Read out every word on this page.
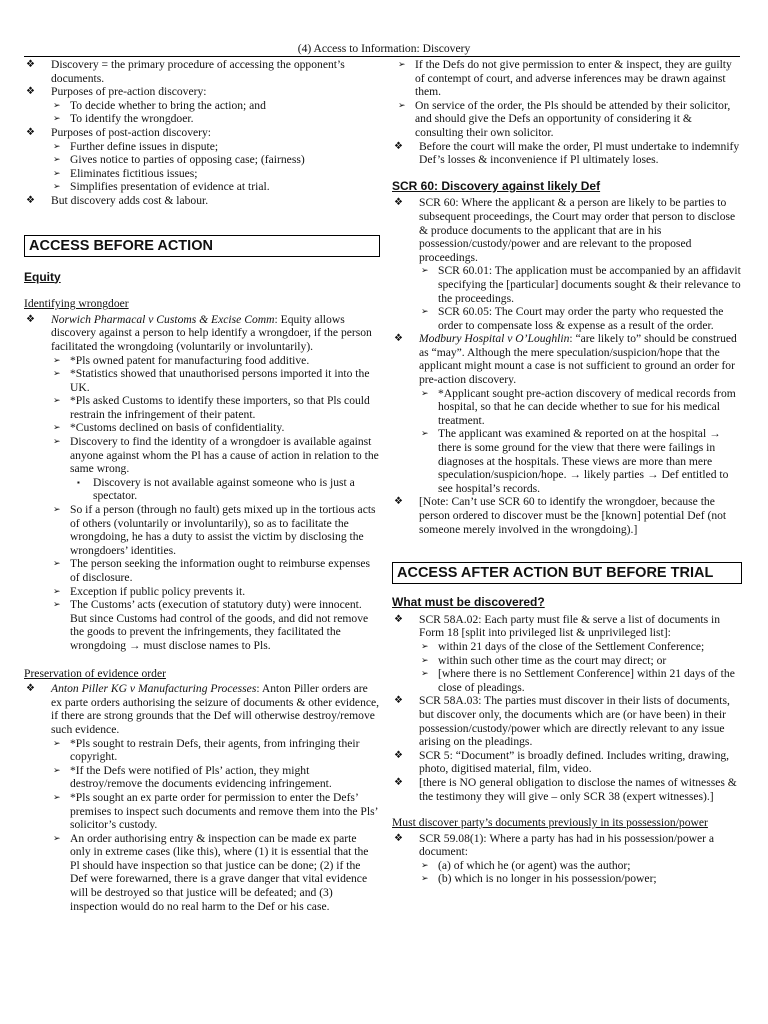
(4) Access to Information: Discovery
❖ Discovery = the primary procedure of accessing the opponent’s documents.
❖ Purposes of pre-action discovery:
➢ To decide whether to bring the action; and
➢ To identify the wrongdoer.
❖ Purposes of post-action discovery:
➢ Further define issues in dispute;
➢ Gives notice to parties of opposing case; (fairness)
➢ Eliminates fictitious issues;
➢ Simplifies presentation of evidence at trial.
❖ But discovery adds cost & labour.
ACCESS BEFORE ACTION
Equity
Identifying wrongdoer
❖ Norwich Pharmacal v Customs & Excise Comm: Equity allows discovery against a person to help identify a wrongdoer, if the person facilitated the wrongdoing (voluntarily or involuntarily).
➢ *Pls owned patent for manufacturing food additive.
➢ *Statistics showed that unauthorised persons imported it into the UK.
➢ *Pls asked Customs to identify these importers, so that Pls could restrain the infringement of their patent.
➢ *Customs declined on basis of confidentiality.
➢ Discovery to find the identity of a wrongdoer is available against anyone against whom the Pl has a cause of action in relation to the same wrong.
▪ Discovery is not available against someone who is just a spectator.
➢ So if a person (through no fault) gets mixed up in the tortious acts of others (voluntarily or involuntarily), so as to facilitate the wrongdoing, he has a duty to assist the victim by disclosing the wrongdoers’ identities.
➢ The person seeking the information ought to reimburse expenses of disclosure.
➢ Exception if public policy prevents it.
➢ The Customs’ acts (execution of statutory duty) were innocent. But since Customs had control of the goods, and did not remove the goods to prevent the infringements, they facilitated the wrongdoing → must disclose names to Pls.
Preservation of evidence order
❖ Anton Piller KG v Manufacturing Processes: Anton Piller orders are ex parte orders authorising the seizure of documents & other evidence, if there are strong grounds that the Def will otherwise destroy/remove such evidence.
➢ *Pls sought to restrain Defs, their agents, from infringing their copyright.
➢ *If the Defs were notified of Pls’ action, they might destroy/remove the documents evidencing infringement.
➢ *Pls sought an ex parte order for permission to enter the Defs’ premises to inspect such documents and remove them into the Pls’ solicitor’s custody.
➢ An order authorising entry & inspection can be made ex parte only in extreme cases (like this), where (1) it is essential that the Pl should have inspection so that justice can be done; (2) if the Def were forewarned, there is a grave danger that vital evidence will be destroyed so that justice will be defeated; and (3) inspection would do no real harm to the Def or his case.
➢ If the Defs do not give permission to enter & inspect, they are guilty of contempt of court, and adverse inferences may be drawn against them.
➢ On service of the order, the Pls should be attended by their solicitor, and should give the Defs an opportunity of considering it & consulting their own solicitor.
❖ Before the court will make the order, Pl must undertake to indemnify Def’s losses & inconvenience if Pl ultimately loses.
SCR 60: Discovery against likely Def
❖ SCR 60: Where the applicant & a person are likely to be parties to subsequent proceedings, the Court may order that person to disclose & produce documents to the applicant that are in his possession/custody/power and are relevant to the proposed proceedings.
➢ SCR 60.01: The application must be accompanied by an affidavit specifying the [particular] documents sought & their relevance to the proceedings.
➢ SCR 60.05: The Court may order the party who requested the order to compensate loss & expense as a result of the order.
❖ Modbury Hospital v O’Loughlin: “are likely to” should be construed as “may”. Although the mere speculation/suspicion/hope that the applicant might mount a case is not sufficient to ground an order for pre-action discovery.
➢ *Applicant sought pre-action discovery of medical records from hospital, so that he can decide whether to sue for his medical treatment.
➢ The applicant was examined & reported on at the hospital → there is some ground for the view that there were failings in diagnoses at the hospitals. These views are more than mere speculation/suspicion/hope. → likely parties → Def entitled to see hospital’s records.
❖ [Note: Can’t use SCR 60 to identify the wrongdoer, because the person ordered to discover must be the [known] potential Def (not someone merely involved in the wrongdoing).]
ACCESS AFTER ACTION BUT BEFORE TRIAL
What must be discovered?
❖ SCR 58A.02: Each party must file & serve a list of documents in Form 18 [split into privileged list & unprivileged list]:
➢ within 21 days of the close of the Settlement Conference;
➢ within such other time as the court may direct; or
➢ [where there is no Settlement Conference] within 21 days of the close of pleadings.
❖ SCR 58A.03: The parties must discover in their lists of documents, but discover only, the documents which are (or have been) in their possession/custody/power which are directly relevant to any issue arising on the pleadings.
❖ SCR 5: “Document” is broadly defined. Includes writing, drawing, photo, digitised material, film, video.
❖ [there is NO general obligation to disclose the names of witnesses & the testimony they will give – only SCR 38 (expert witnesses).]
Must discover party’s documents previously in its possession/power
❖ SCR 59.08(1): Where a party has had in his possession/power a document:
➢ (a) of which he (or agent) was the author;
➢ (b) which is no longer in his possession/power;
